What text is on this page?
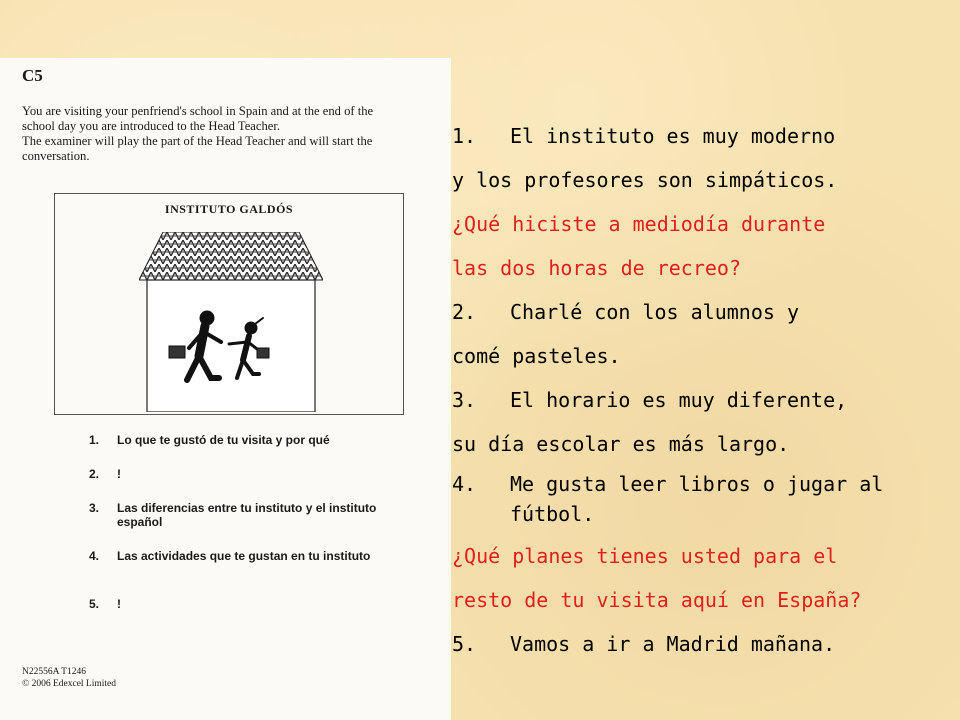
C5

You are visiting your penfriend's school in Spain and at the end of the

school day you are introduced to the Head Teacher.

The examiner will play the part of the Head Teacher and will start the

conversation.

INSTITUTO GALDÓS
1. Lo que te gustó de tu visita y por qué
2. !
3. Las diferencias entre tu instituto y el instituto español
4. Las actividades que te gustan en tu instituto
5. !
N22556A T1246
© 2006 Edexcel Limited
1. El instituto es muy moderno
y los profesores son simpáticos.
¿Qué hiciste a mediodía durante
las dos horas de recreo?
2. Charlé con los alumnos y
comé pasteles.
3. El horario es muy diferente,
su día escolar es más largo.
4. Me gusta leer libros o jugar al
fútbol.
¿Qué planes tienes usted para el
resto de tu visita aquí en España?
5. Vamos a ir a Madrid mañana.
